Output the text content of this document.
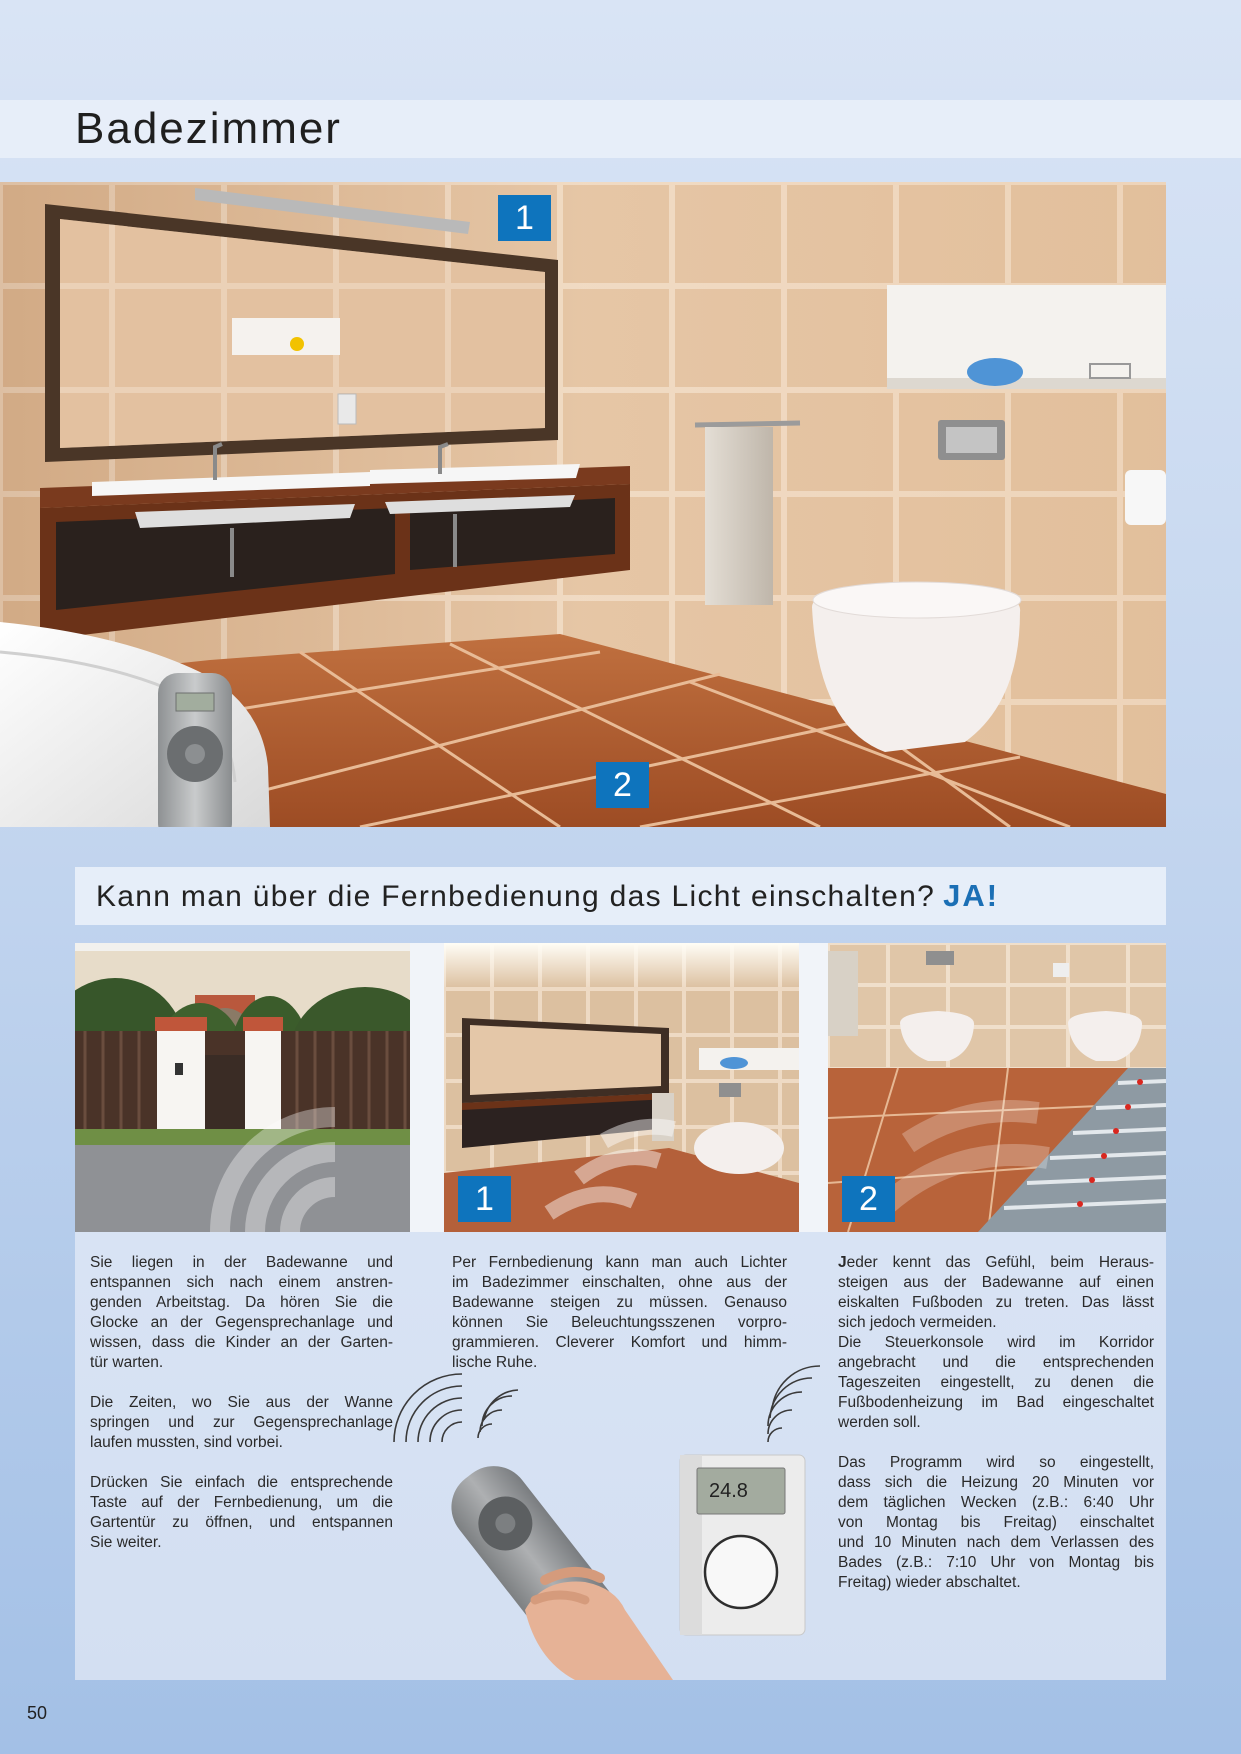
Badezimmer
1
2
Kann man über die Fernbedienung das Licht einschalten? JA!
1	2
Sie liegen in der Badewanne und
entspannen sich nach einem anstren-
genden Arbeitstag. Da hören Sie die
Glocke an der Gegensprechanlage und
wissen, dass die Kinder an der Garten-
tür warten.
Die Zeiten, wo Sie aus der Wanne
springen und zur Gegensprechanlage
laufen mussten, sind vorbei.
Drücken Sie einfach die entsprechende
Taste auf der Fernbedienung, um die
Gartentür zu öffnen, und entspannen
Sie weiter.
Per Fernbedienung kann man auch Lichter
im Badezimmer einschalten, ohne aus der
Badewanne steigen zu müssen. Genauso
können Sie Beleuchtungsszenen vorpro-
grammieren. Cleverer Komfort und himm-
lische Ruhe.
Jeder kennt das Gefühl, beim Heraus-
steigen aus der Badewanne auf einen
eiskalten Fußboden zu treten. Das lässt
sich jedoch vermeiden.
Die Steuerkonsole wird im Korridor
angebracht und die entsprechenden
Tageszeiten eingestellt, zu denen die
Fußbodenheizung im Bad eingeschaltet
werden soll.
Das Programm wird so eingestellt,
dass sich die Heizung 20 Minuten vor
dem täglichen Wecken (z.B.: 6:40 Uhr
von Montag bis Freitag) einschaltet
und 10 Minuten nach dem Verlassen des
Bades (z.B.: 7:10 Uhr von Montag bis
Freitag) wieder abschaltet.
24.8
50
